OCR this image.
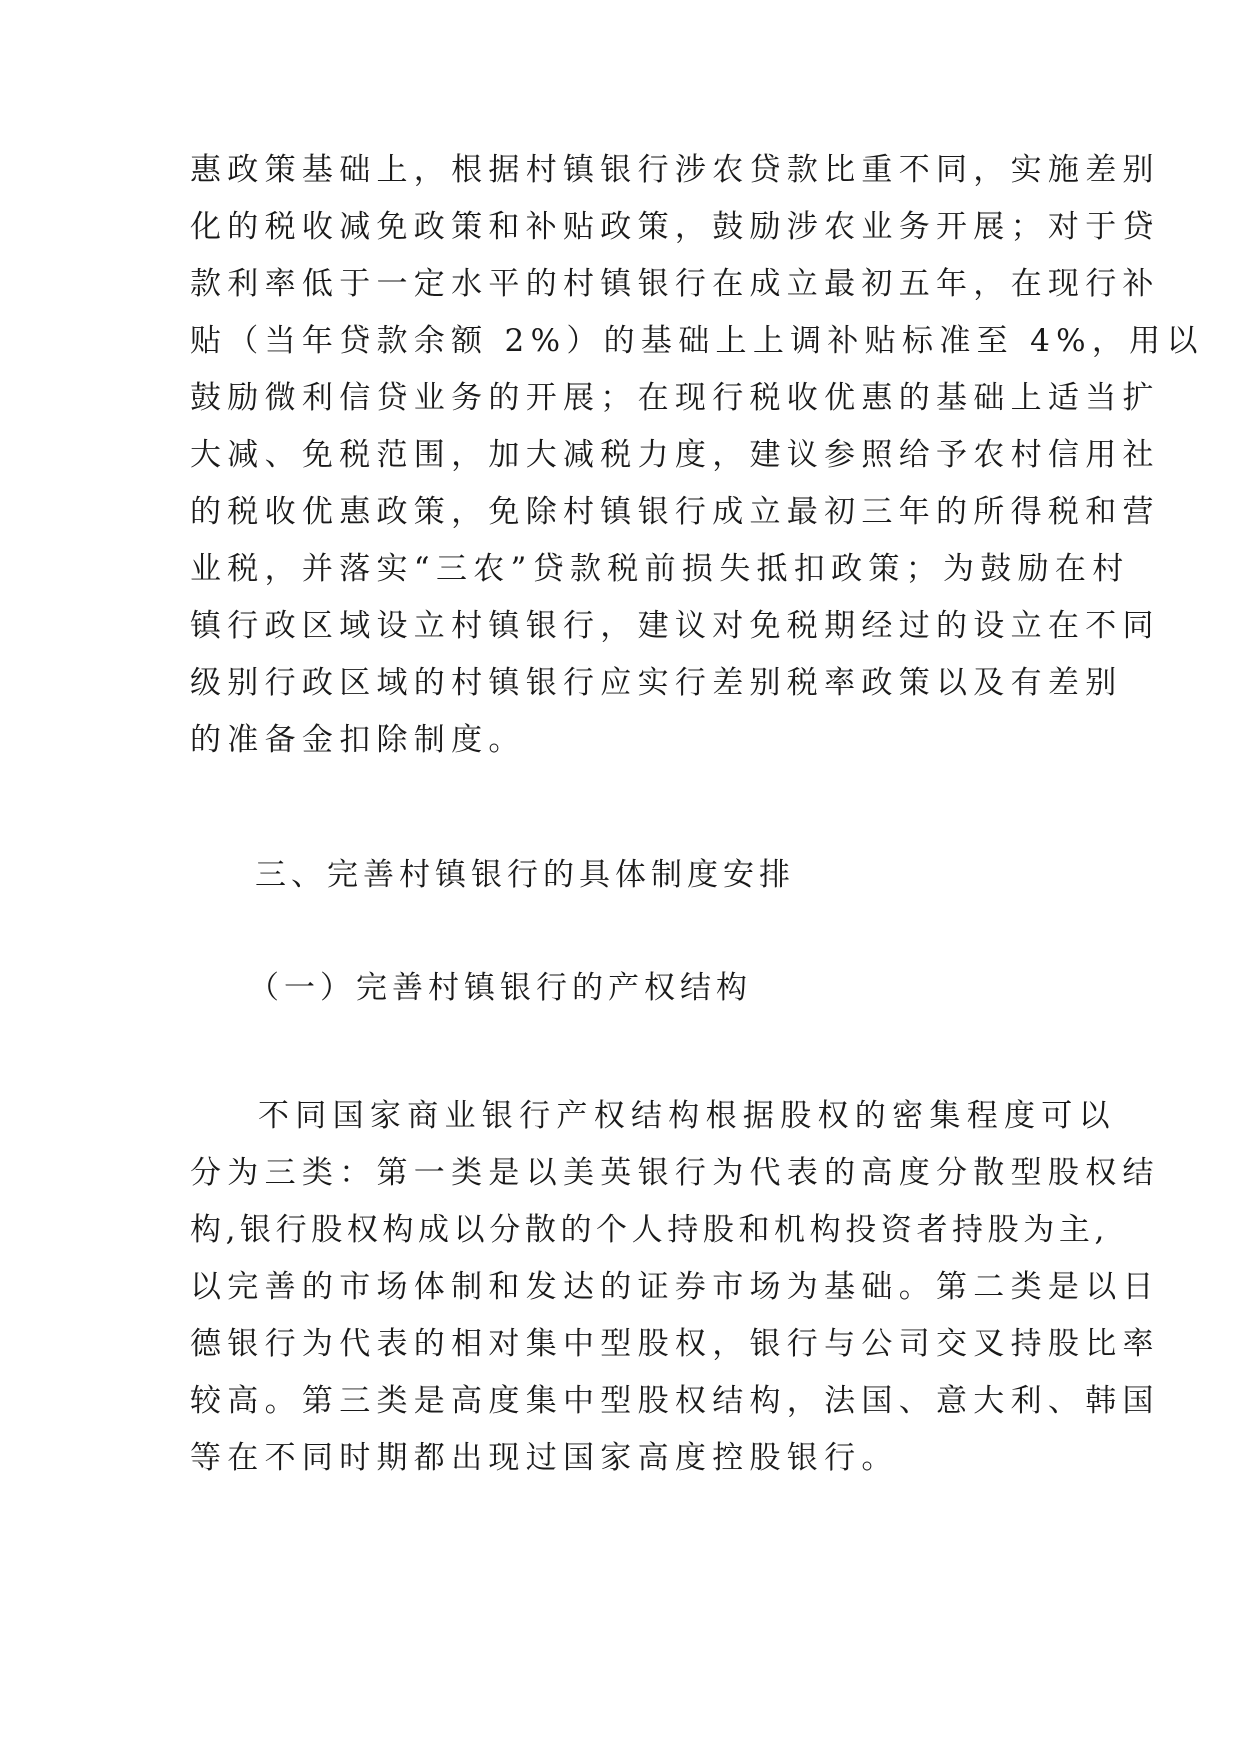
惠政策基础上，根据村镇银行涉农贷款比重不同，实施差别
化的税收减免政策和补贴政策，鼓励涉农业务开展；对于贷
款利率低于一定水平的村镇银行在成立最初五年，在现行补
贴（当年贷款余额 2%）的基础上上调补贴标准至 4%，用以
鼓励微利信贷业务的开展；在现行税收优惠的基础上适当扩
大减、免税范围，加大减税力度，建议参照给予农村信用社
的税收优惠政策，免除村镇银行成立最初三年的所得税和营
业税，并落实“三农”贷款税前损失抵扣政策；为鼓励在村
镇行政区域设立村镇银行，建议对免税期经过的设立在不同
级别行政区域的村镇银行应实行差别税率政策以及有差别
的准备金扣除制度。
三、完善村镇银行的具体制度安排
（一）完善村镇银行的产权结构
不同国家商业银行产权结构根据股权的密集程度可以
分为三类：第一类是以美英银行为代表的高度分散型股权结
构,银行股权构成以分散的个人持股和机构投资者持股为主,
以完善的市场体制和发达的证券市场为基础。第二类是以日
德银行为代表的相对集中型股权，银行与公司交叉持股比率
较高。第三类是高度集中型股权结构，法国、意大利、韩国
等在不同时期都出现过国家高度控股银行。
